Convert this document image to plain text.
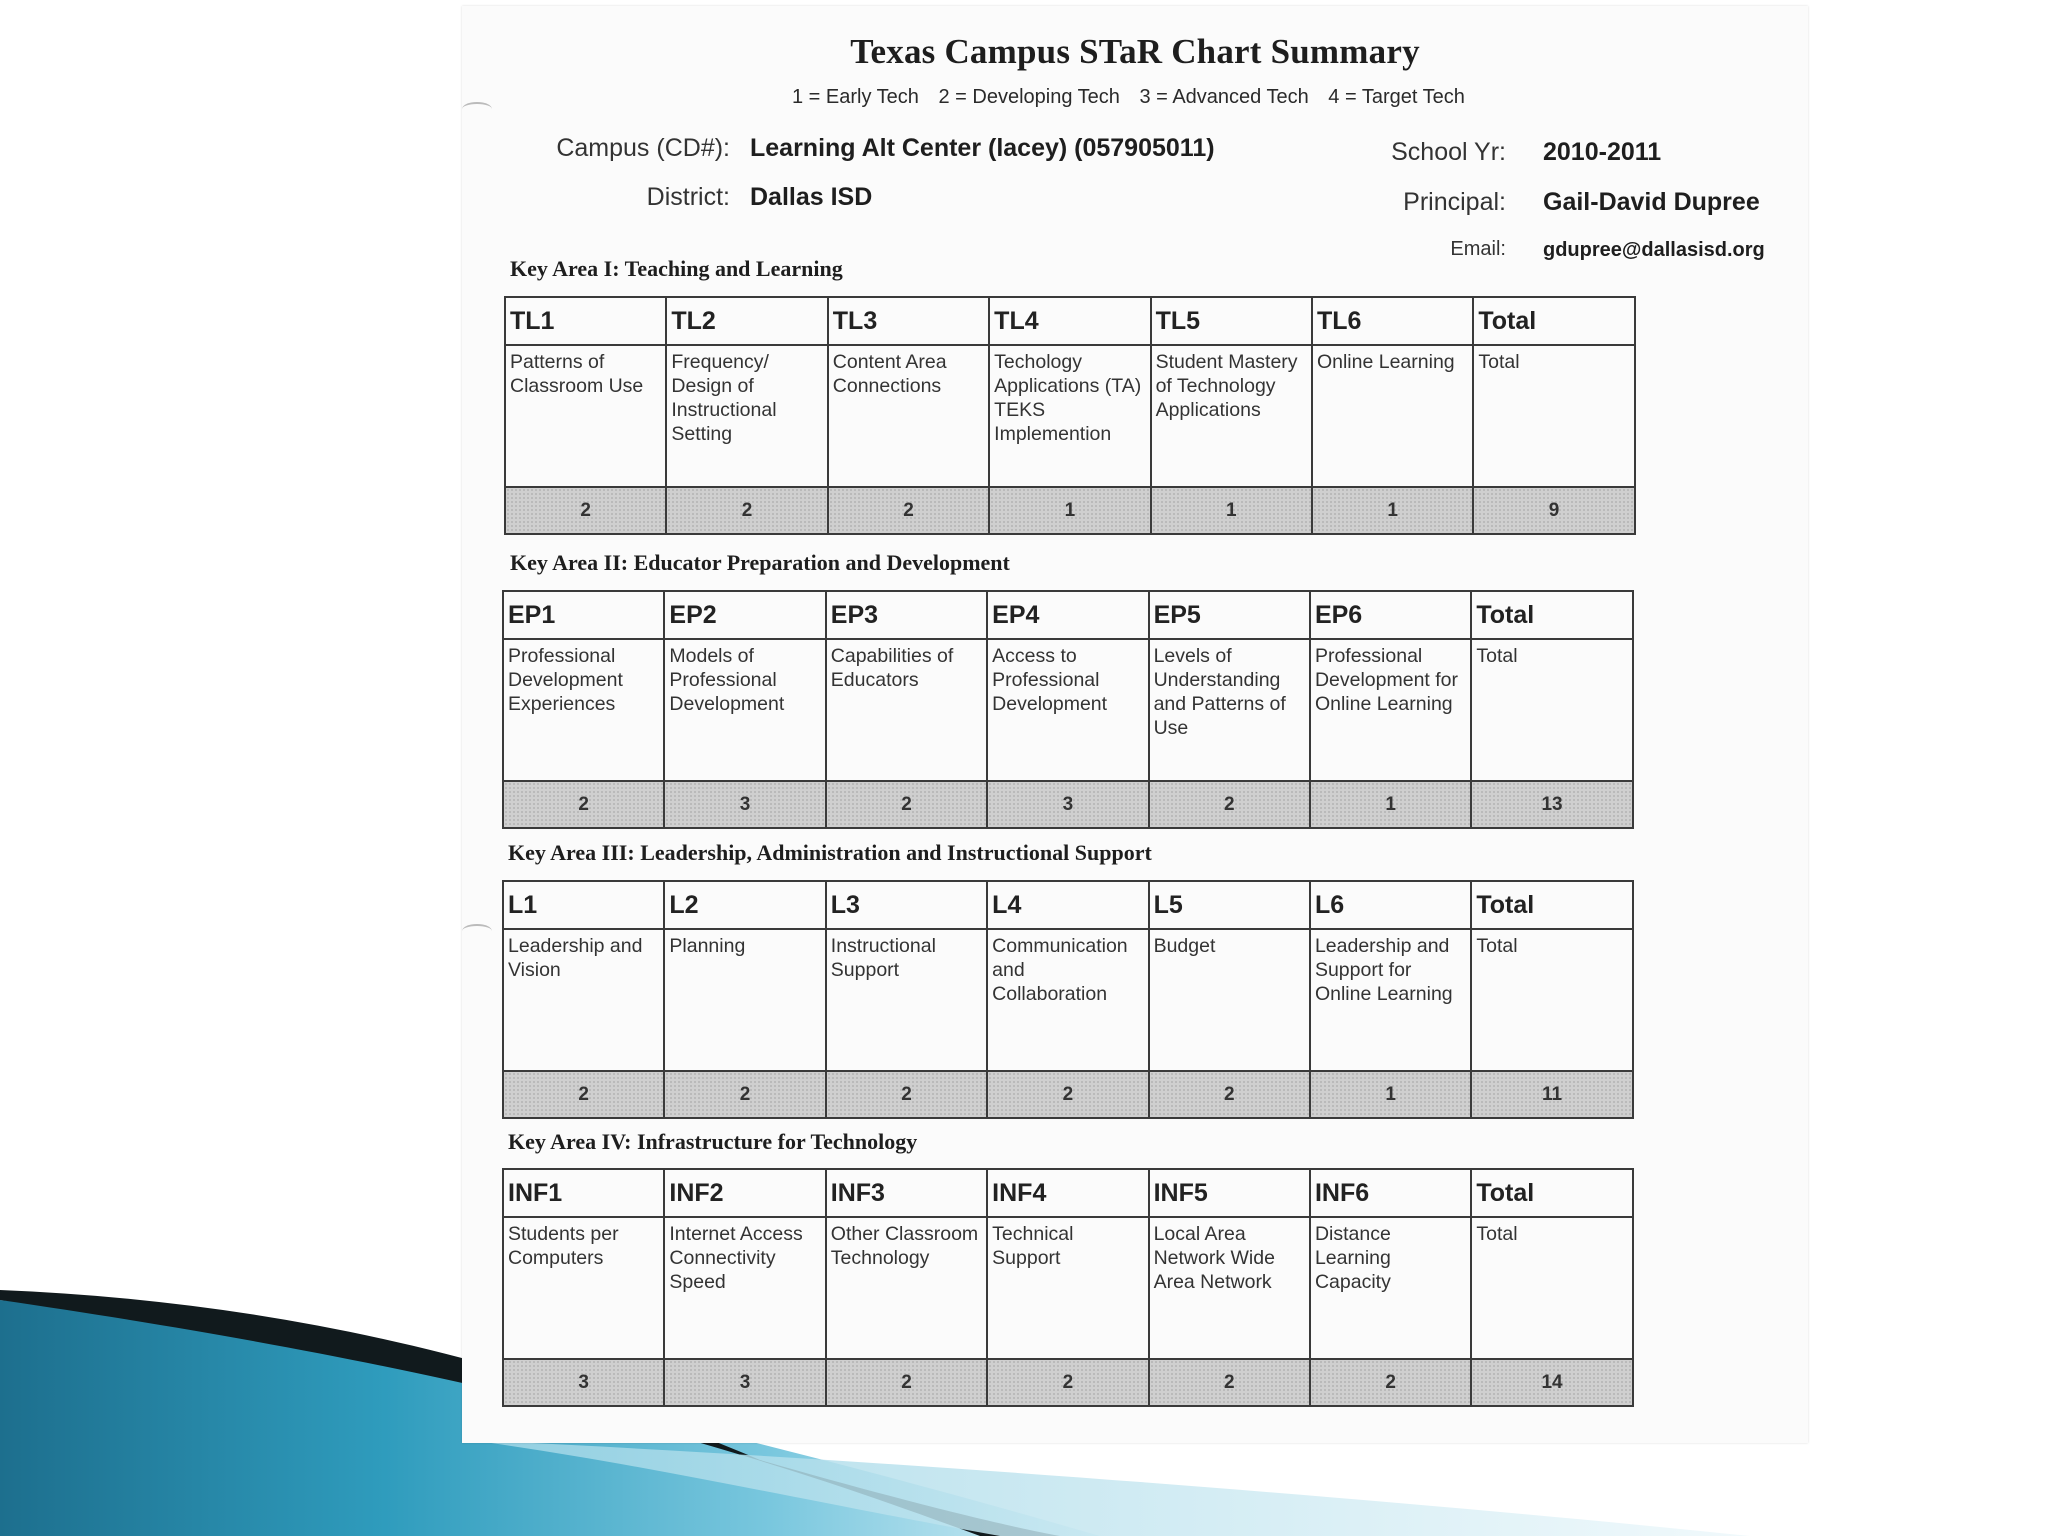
Texas Campus STaR Chart Summary
1 = Early Tech 2 = Developing Tech 3 = Advanced Tech 4 = Target Tech
Campus (CD#): Learning Alt Center (lacey) (057905011)
District: Dallas ISD
School Yr: 2010-2011
Principal: Gail-David Dupree
Email: gdupree@dallasisd.org
Key Area I: Teaching and Learning
TL1	TL2	TL3	TL4	TL5	TL6	Total
Patterns of Classroom Use	Frequency/ Design of Instructional Setting	Content Area Connections	Techology Applications (TA) TEKS Implemention	Student Mastery of Technology Applications	Online Learning	Total
2	2	2	1	1	1	9
Key Area II: Educator Preparation and Development
EP1	EP2	EP3	EP4	EP5	EP6	Total
Professional Development Experiences	Models of Professional Development	Capabilities of Educators	Access to Professional Development	Levels of Understanding and Patterns of Use	Professional Development for Online Learning	Total
2	3	2	3	2	1	13
Key Area III: Leadership, Administration and Instructional Support
L1	L2	L3	L4	L5	L6	Total
Leadership and Vision	Planning	Instructional Support	Communication and Collaboration	Budget	Leadership and Support for Online Learning	Total
2	2	2	2	2	1	11
Key Area IV: Infrastructure for Technology
INF1	INF2	INF3	INF4	INF5	INF6	Total
Students per Computers	Internet Access Connectivity Speed	Other Classroom Technology	Technical Support	Local Area Network Wide Area Network	Distance Learning Capacity	Total
3	3	2	2	2	2	14
